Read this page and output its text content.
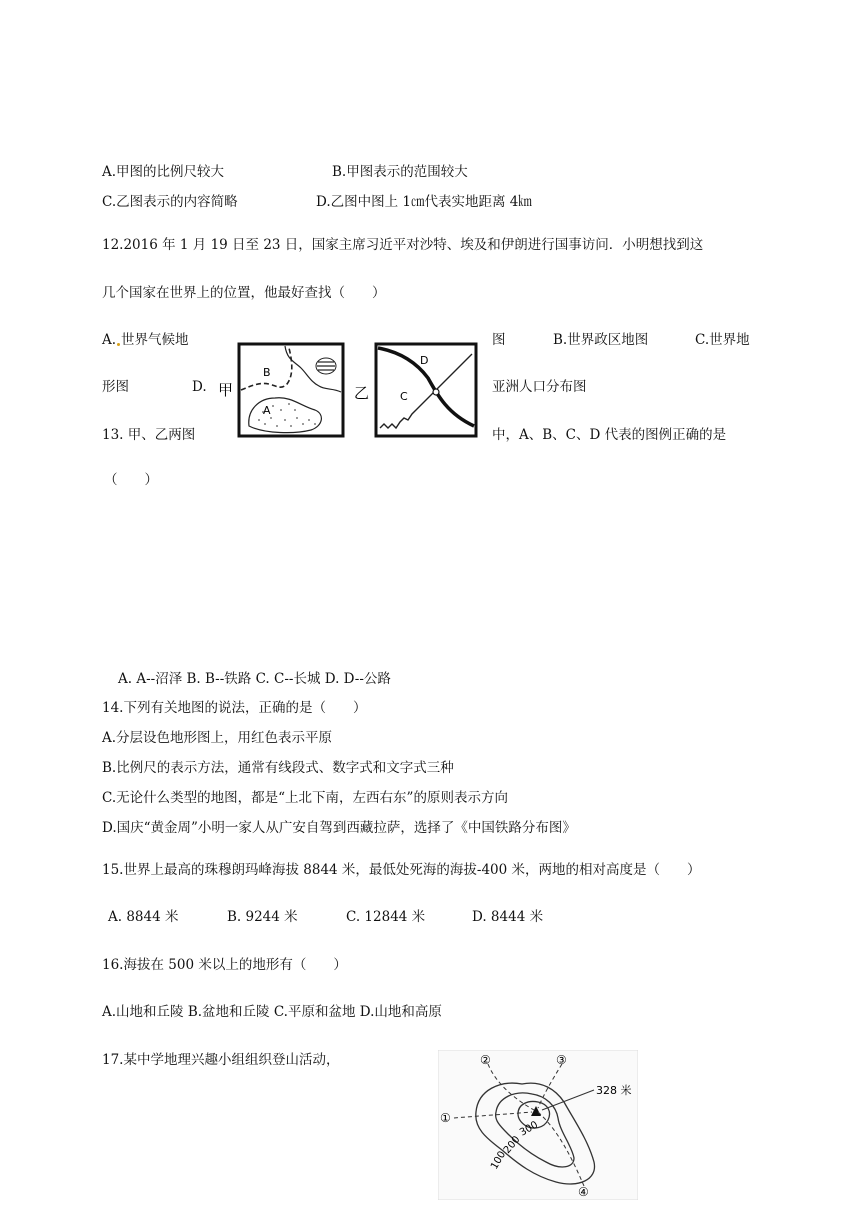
A.甲图的比例尺较大	B.甲图表示的范围较大
C.乙图表示的内容简略	D.乙图中图上 1㎝代表实地距离 4㎞
12.2016 年 1 月 19 日至 23 日，国家主席习近平对沙特、埃及和伊朗进行国事访问．小明想找到这
几个国家在世界上的位置，他最好查找（　　）
A. 世界气候地	图	B.世界政区地图	C.世界地
形图	D.	亚洲人口分布图
13. 甲、乙两图	中，A、B、C、D 代表的图例正确的是
（　　）
甲
B
A
乙
D
C
A. A--沼泽 B. B--铁路 C. C--长城 D. D--公路
14.下列有关地图的说法，正确的是（　　）
A.分层设色地形图上，用红色表示平原
B.比例尺的表示方法，通常有线段式、数字式和文字式三种
C.无论什么类型的地图，都是“上北下南，左西右东”的原则表示方向
D.国庆“黄金周”小明一家人从广安自驾到西藏拉萨，选择了《中国铁路分布图》
15.世界上最高的珠穆朗玛峰海拔 8844 米，最低处死海的海拔-400 米，两地的相对高度是（　　）
A. 8844 米	B. 9244 米	C. 12844 米	D. 8444 米
16.海拔在 500 米以上的地形有（　　）
A.山地和丘陵 B.盆地和丘陵 C.平原和盆地 D.山地和高原
17.某中学地理兴趣小组组织登山活动，
328 米
②	③
①
④
300
200
100
